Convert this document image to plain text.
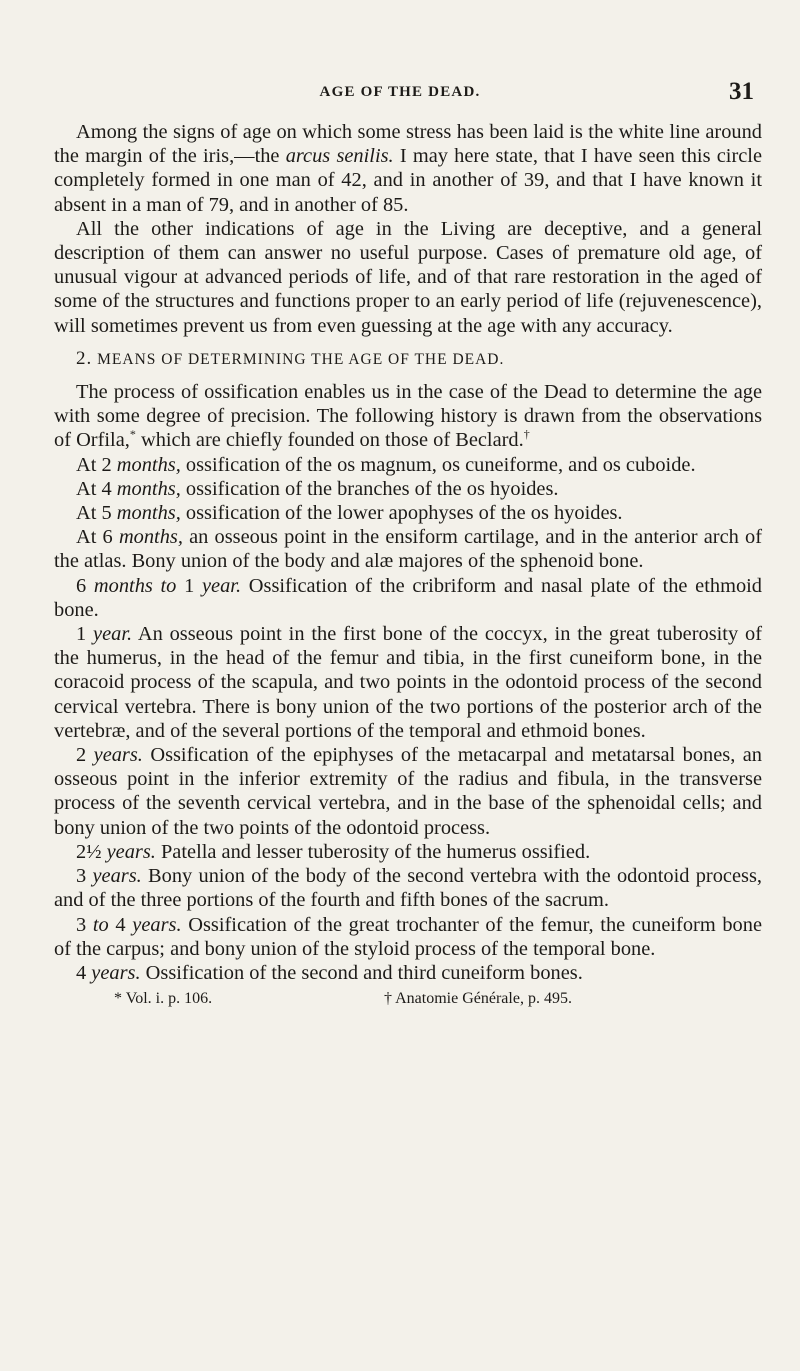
AGE OF THE DEAD.	31

Among the signs of age on which some stress has been laid is the white line around the margin of the iris,—the arcus senilis. I may here state, that I have seen this circle completely formed in one man of 42, and in another of 39, and that I have known it absent in a man of 79, and in another of 85.

All the other indications of age in the Living are deceptive, and a general description of them can answer no useful purpose. Cases of premature old age, of unusual vigour at advanced periods of life, and of that rare restoration in the aged of some of the structures and functions proper to an early period of life (rejuvenescence), will sometimes prevent us from even guessing at the age with any accuracy.

2. MEANS OF DETERMINING THE AGE OF THE DEAD.

The process of ossification enables us in the case of the Dead to determine the age with some degree of precision. The following history is drawn from the observations of Orfila,* which are chiefly founded on those of Beclard.†

At 2 months, ossification of the os magnum, os cuneiforme, and os cuboide.

At 4 months, ossification of the branches of the os hyoides.

At 5 months, ossification of the lower apophyses of the os hyoides.

At 6 months, an osseous point in the ensiform cartilage, and in the anterior arch of the atlas. Bony union of the body and alæ majores of the sphenoid bone.

6 months to 1 year. Ossification of the cribriform and nasal plate of the ethmoid bone.

1 year. An osseous point in the first bone of the coccyx, in the great tuberosity of the humerus, in the head of the femur and tibia, in the first cuneiform bone, in the coracoid process of the scapula, and two points in the odontoid process of the second cervical vertebra. There is bony union of the two portions of the posterior arch of the vertebræ, and of the several portions of the temporal and ethmoid bones.

2 years. Ossification of the epiphyses of the metacarpal and metatarsal bones, an osseous point in the inferior extremity of the radius and fibula, in the transverse process of the seventh cervical vertebra, and in the base of the sphenoidal cells; and bony union of the two points of the odontoid process.

2½ years. Patella and lesser tuberosity of the humerus ossified.

3 years. Bony union of the body of the second vertebra with the odontoid process, and of the three portions of the fourth and fifth bones of the sacrum.

3 to 4 years. Ossification of the great trochanter of the femur, the cuneiform bone of the carpus; and bony union of the styloid process of the temporal bone.

4 years. Ossification of the second and third cuneiform bones.

* Vol. i. p. 106.	† Anatomie Générale, p. 495.
